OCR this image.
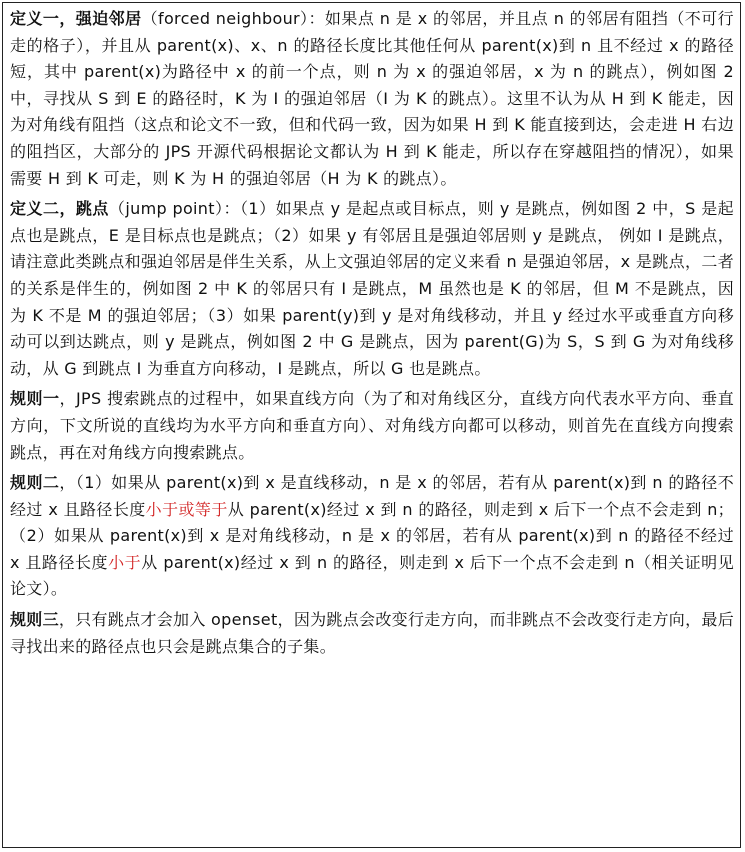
定义一，强迫邻居（forced neighbour）：如果点 n 是 x 的邻居，并且点 n 的邻居有阻挡（不可行走的格子），并且从 parent(x)、x、n 的路径长度比其他任何从 parent(x)到 n 且不经过 x 的路径短，其中 parent(x)为路径中 x 的前一个点，则 n 为 x 的强迫邻居，x 为 n 的跳点），例如图 2 中，寻找从 S 到 E 的路径时，K 为 I 的强迫邻居（I 为 K 的跳点）。这里不认为从 H 到 K 能走，因为对角线有阻挡（这点和论文不一致，但和代码一致，因为如果 H 到 K 能直接到达，会走进 H 右边的阻挡区，大部分的 JPS 开源代码根据论文都认为 H 到 K 能走，所以存在穿越阻挡的情况），如果需要 H 到 K 可走，则 K 为 H 的强迫邻居（H 为 K 的跳点）。

定义二，跳点（jump point）：（1）如果点 y 是起点或目标点，则 y 是跳点，例如图 2 中，S 是起点也是跳点，E 是目标点也是跳点；（2）如果 y 有邻居且是强迫邻居则 y 是跳点， 例如 I 是跳点，请注意此类跳点和强迫邻居是伴生关系，从上文强迫邻居的定义来看 n 是强迫邻居，x 是跳点，二者的关系是伴生的，例如图 2 中 K 的邻居只有 I 是跳点，M 虽然也是 K 的邻居，但 M 不是跳点，因为 K 不是 M 的强迫邻居；（3）如果 parent(y)到 y 是对角线移动，并且 y 经过水平或垂直方向移动可以到达跳点，则 y 是跳点，例如图 2 中 G 是跳点，因为 parent(G)为 S，S 到 G 为对角线移动，从 G 到跳点 I 为垂直方向移动，I 是跳点，所以 G 也是跳点。

规则一，JPS 搜索跳点的过程中，如果直线方向（为了和对角线区分，直线方向代表水平方向、垂直方向，下文所说的直线均为水平方向和垂直方向）、对角线方向都可以移动，则首先在直线方向搜索跳点，再在对角线方向搜索跳点。

规则二，（1）如果从 parent(x)到 x 是直线移动，n 是 x 的邻居，若有从 parent(x)到 n 的路径不经过 x 且路径长度小于或等于从 parent(x)经过 x 到 n 的路径，则走到 x 后下一个点不会走到 n；（2）如果从 parent(x)到 x 是对角线移动，n 是 x 的邻居，若有从 parent(x)到 n 的路径不经过 x 且路径长度小于从 parent(x)经过 x 到 n 的路径，则走到 x 后下一个点不会走到 n（相关证明见论文）。

规则三，只有跳点才会加入 openset，因为跳点会改变行走方向，而非跳点不会改变行走方向，最后寻找出来的路径点也只会是跳点集合的子集。
